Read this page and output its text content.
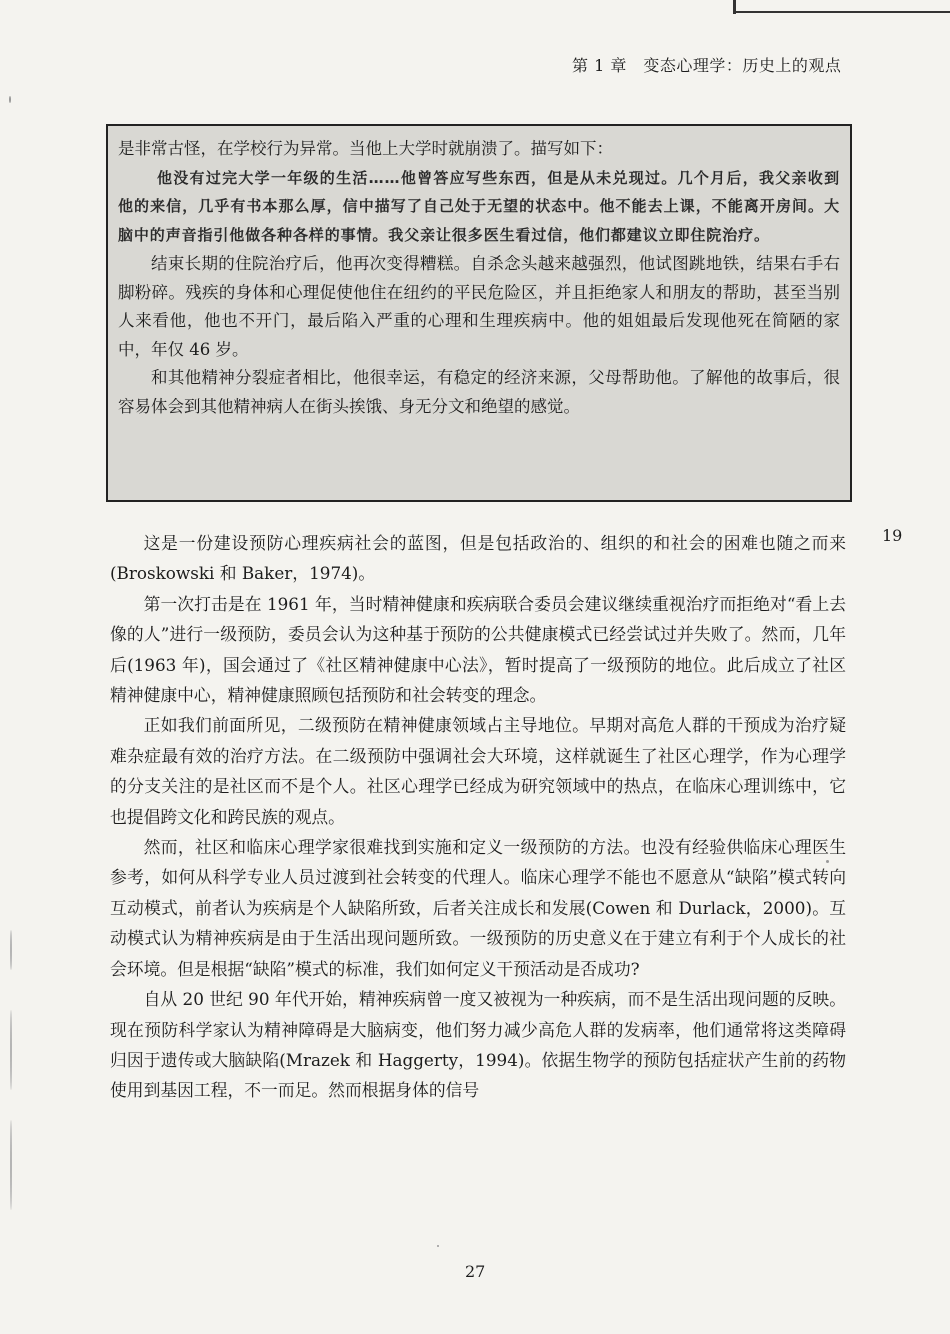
第 1 章　变态心理学：历史上的观点

是非常古怪，在学校行为异常。当他上大学时就崩溃了。描写如下：

他没有过完大学一年级的生活……他曾答应写些东西，但是从未兑现过。几个月后，我父亲收到他的来信，几乎有书本那么厚，信中描写了自己处于无望的状态中。他不能去上课，不能离开房间。大脑中的声音指引他做各种各样的事情。我父亲让很多医生看过信，他们都建议立即住院治疗。

结束长期的住院治疗后，他再次变得糟糕。自杀念头越来越强烈，他试图跳地铁，结果右手右脚粉碎。残疾的身体和心理促使他住在纽约的平民危险区，并且拒绝家人和朋友的帮助，甚至当别人来看他，他也不开门，最后陷入严重的心理和生理疾病中。他的姐姐最后发现他死在简陋的家中，年仅 46 岁。

和其他精神分裂症者相比，他很幸运，有稳定的经济来源，父母帮助他。了解他的故事后，很容易体会到其他精神病人在街头挨饿、身无分文和绝望的感觉。

19

这是一份建设预防心理疾病社会的蓝图，但是包括政治的、组织的和社会的困难也随之而来(Broskowski 和 Baker，1974)。

第一次打击是在 1961 年，当时精神健康和疾病联合委员会建议继续重视治疗而拒绝对“看上去像的人”进行一级预防，委员会认为这种基于预防的公共健康模式已经尝试过并失败了。然而，几年后(1963 年)，国会通过了《社区精神健康中心法》，暂时提高了一级预防的地位。此后成立了社区精神健康中心，精神健康照顾包括预防和社会转变的理念。

正如我们前面所见，二级预防在精神健康领域占主导地位。早期对高危人群的干预成为治疗疑难杂症最有效的治疗方法。在二级预防中强调社会大环境，这样就诞生了社区心理学，作为心理学的分支关注的是社区而不是个人。社区心理学已经成为研究领域中的热点，在临床心理训练中，它也提倡跨文化和跨民族的观点。

然而，社区和临床心理学家很难找到实施和定义一级预防的方法。也没有经验供临床心理医生参考，如何从科学专业人员过渡到社会转变的代理人。临床心理学不能也不愿意从“缺陷”模式转向互动模式，前者认为疾病是个人缺陷所致，后者关注成长和发展(Cowen 和 Durlack，2000)。互动模式认为精神疾病是由于生活出现问题所致。一级预防的历史意义在于建立有利于个人成长的社会环境。但是根据“缺陷”模式的标准，我们如何定义干预活动是否成功?

自从 20 世纪 90 年代开始，精神疾病曾一度又被视为一种疾病，而不是生活出现问题的反映。现在预防科学家认为精神障碍是大脑病变，他们努力减少高危人群的发病率，他们通常将这类障碍归因于遗传或大脑缺陷(Mrazek 和 Haggerty，1994)。依据生物学的预防包括症状产生前的药物使用到基因工程，不一而足。然而根据身体的信号

27
